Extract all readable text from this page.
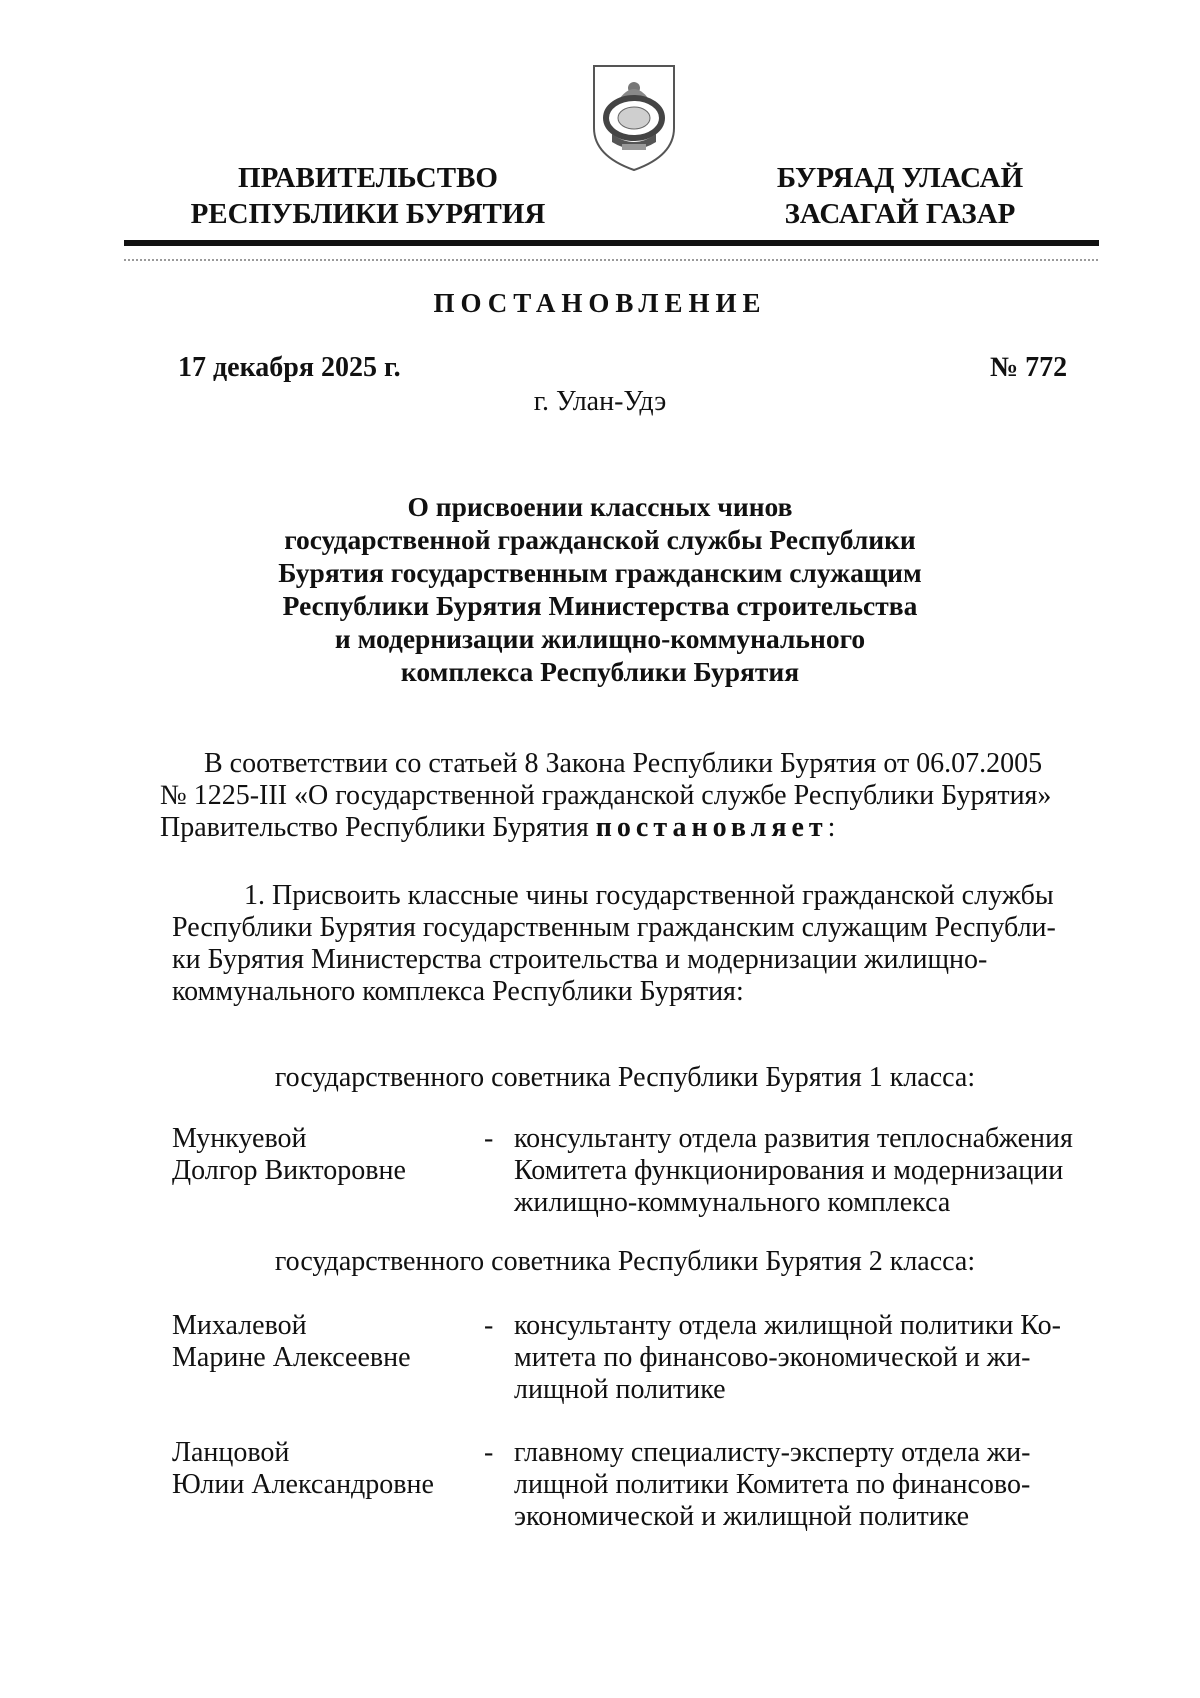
ПРАВИТЕЛЬСТВО
РЕСПУБЛИКИ БУРЯТИЯ
БУРЯАД УЛАСАЙ
ЗАСАГАЙ ГАЗАР
ПОСТАНОВЛЕНИЕ
17 декабря 2025 г.	№ 772
г. Улан-Удэ
О присвоении классных чинов
государственной гражданской службы Республики
Бурятия государственным гражданским служащим
Республики Бурятия Министерства строительства
и модернизации жилищно-коммунального
комплекса Республики Бурятия
В соответствии со статьей 8 Закона Республики Бурятия от 06.07.2005
№ 1225-III «О государственной гражданской службе Республики Бурятия»
Правительство Республики Бурятия постановляет:
1. Присвоить классные чины государственной гражданской службы
Республики Бурятия государственным гражданским служащим Республи-
ки Бурятия Министерства строительства и модернизации жилищно-
коммунального комплекса Республики Бурятия:
государственного советника Республики Бурятия 1 класса:
Мункуевой
Долгор Викторовне
- консультанту отдела развития теплоснабжения
Комитета функционирования и модернизации
жилищно-коммунального комплекса
государственного советника Республики Бурятия 2 класса:
Михалевой
Марине Алексеевне
- консультанту отдела жилищной политики Ко-
митета по финансово-экономической и жи-
лищной политике
Ланцовой
Юлии Александровне
- главному специалисту-эксперту отдела жи-
лищной политики Комитета по финансово-
экономической и жилищной политике
